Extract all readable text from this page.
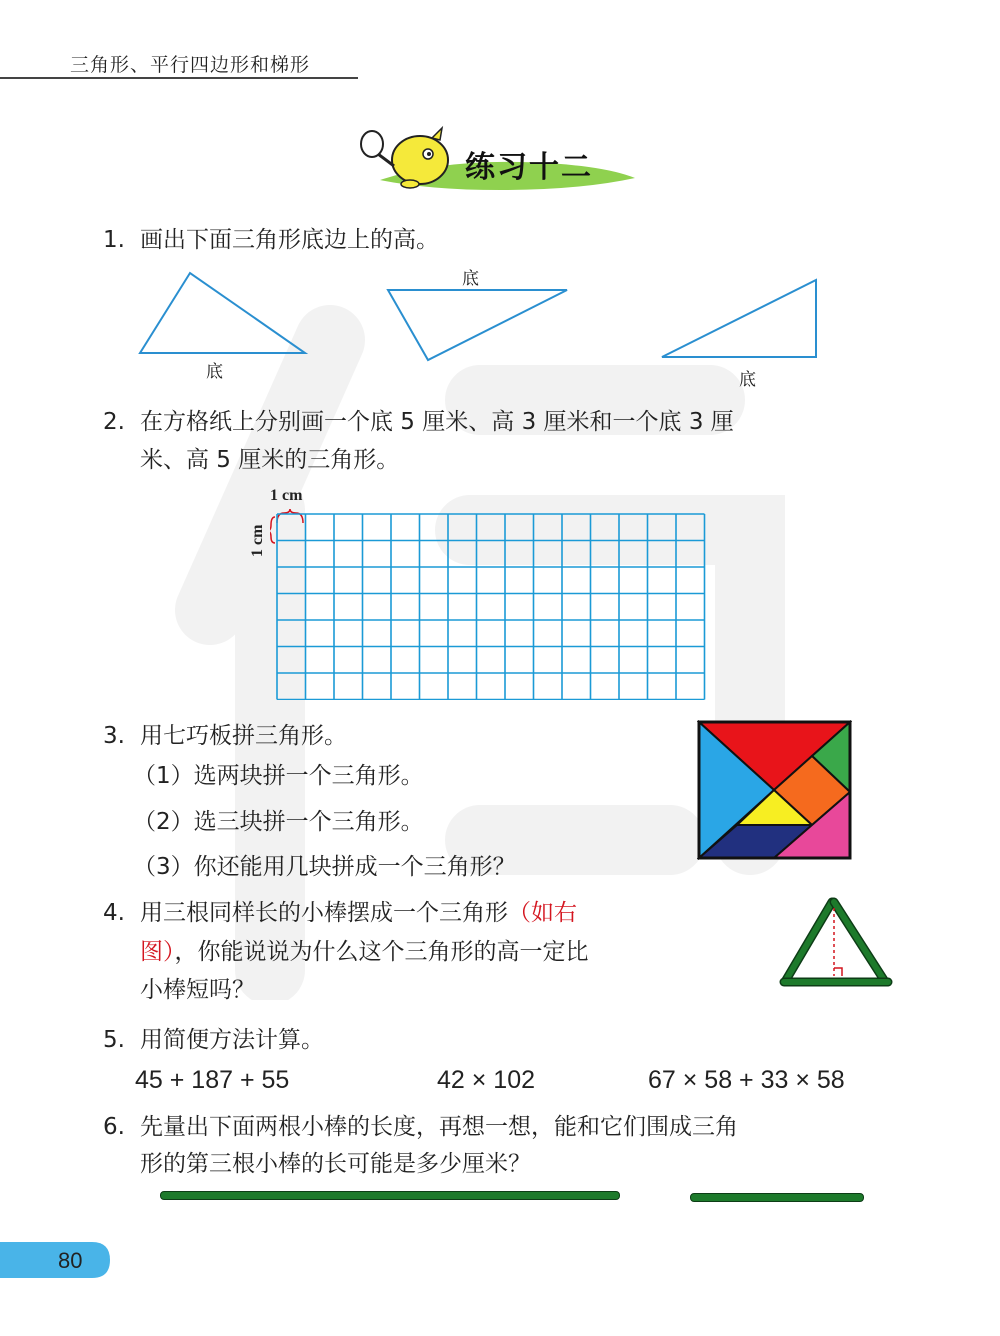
三角形、平行四边形和梯形
练习十二
1. 画出下面三角形底边上的高。
底
底
底
2. 在方格纸上分别画一个底 5 厘米、高 3 厘米和一个底 3 厘
米、高 5 厘米的三角形。
1 cm
1 cm
3. 用七巧板拼三角形。
（1）选两块拼一个三角形。
（2）选三块拼一个三角形。
（3）你还能用几块拼成一个三角形？
4. 用三根同样长的小棒摆成一个三角形（如右
图），你能说说为什么这个三角形的高一定比
小棒短吗？
5. 用简便方法计算。
45 + 187 + 55	42 × 102	67 × 58 + 33 × 58
6. 先量出下面两根小棒的长度，再想一想，能和它们围成三角
形的第三根小棒的长可能是多少厘米？
80
